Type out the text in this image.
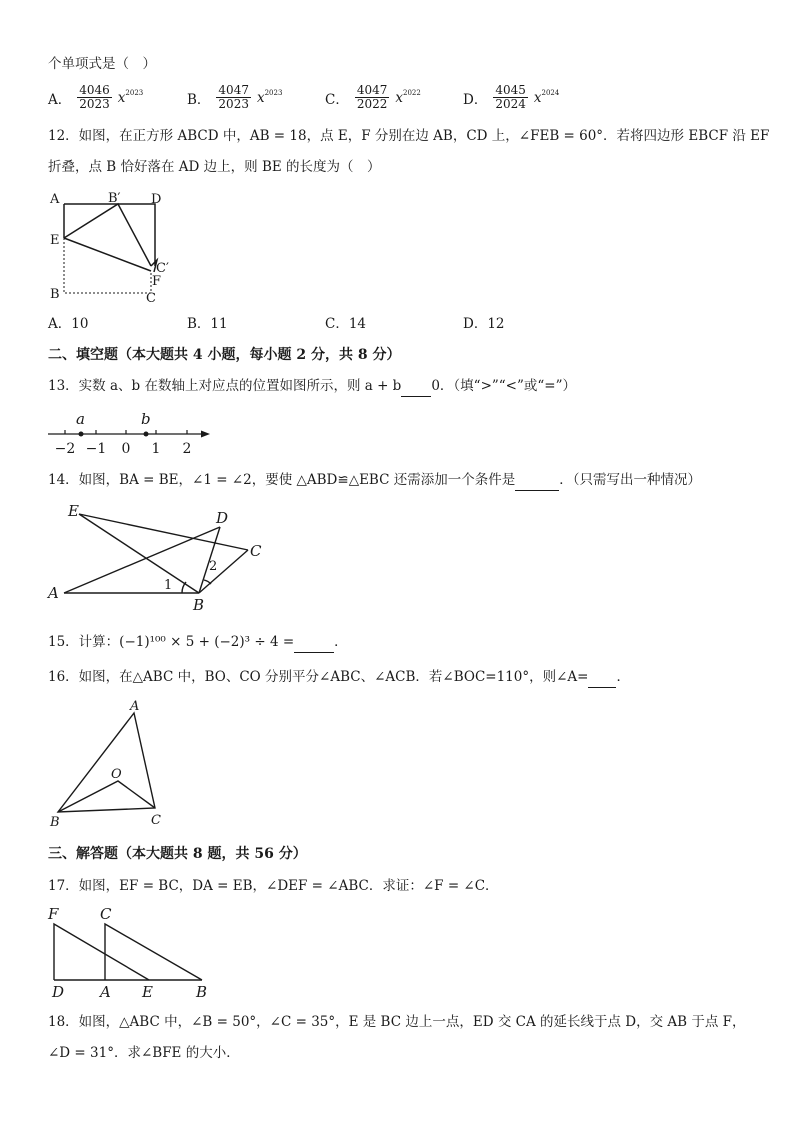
个单项式是（　）
A． $\frac{4046}{2023} x^{2023}$	B． $\frac{4047}{2023} x^{2023}$	C． $\frac{4047}{2022} x^{2022}$	D． $\frac{4045}{2024} x^{2024}$
12．如图，在正方形 ABCD 中，AB = 18，点 E，F 分别在边 AB，CD 上，∠FEB = 60°．若将四边形 EBCF 沿 EF
折叠，点 B 恰好落在 AD 边上，则 BE 的长度为（　）
A	B′ D
E
C′
F
B	C
A．10	B．11	C．14	D．12
二、填空题（本大题共 4 小题，每小题 2 分，共 8 分）
13．实数 a、b 在数轴上对应点的位置如图所示，则 a + b 0．（填“>”“<”或“=”）
a	b
−2 −1 0 1 2
14．如图，BA = BE，∠1 = ∠2，要使 △ABD≌△EBC 还需添加一个条件是	．（只需写出一种情况）
E	D
C
A
B
1
2
15．计算：(−1)¹⁰⁰ × 5 + (−2)³ ÷ 4 =	．
16．如图，在△ABC 中，BO、CO 分别平分∠ABC、∠ACB．若∠BOC=110°，则∠A= ．
A
O
B	C
三、解答题（本大题共 8 题，共 56 分）
17．如图，EF = BC，DA = EB，∠DEF = ∠ABC．求证：∠F = ∠C．
F	C
D A E	B
18．如图，△ABC 中，∠B = 50°，∠C = 35°，E 是 BC 边上一点，ED 交 CA 的延长线于点 D，交 AB 于点 F，
∠D = 31°．求∠BFE 的大小．
